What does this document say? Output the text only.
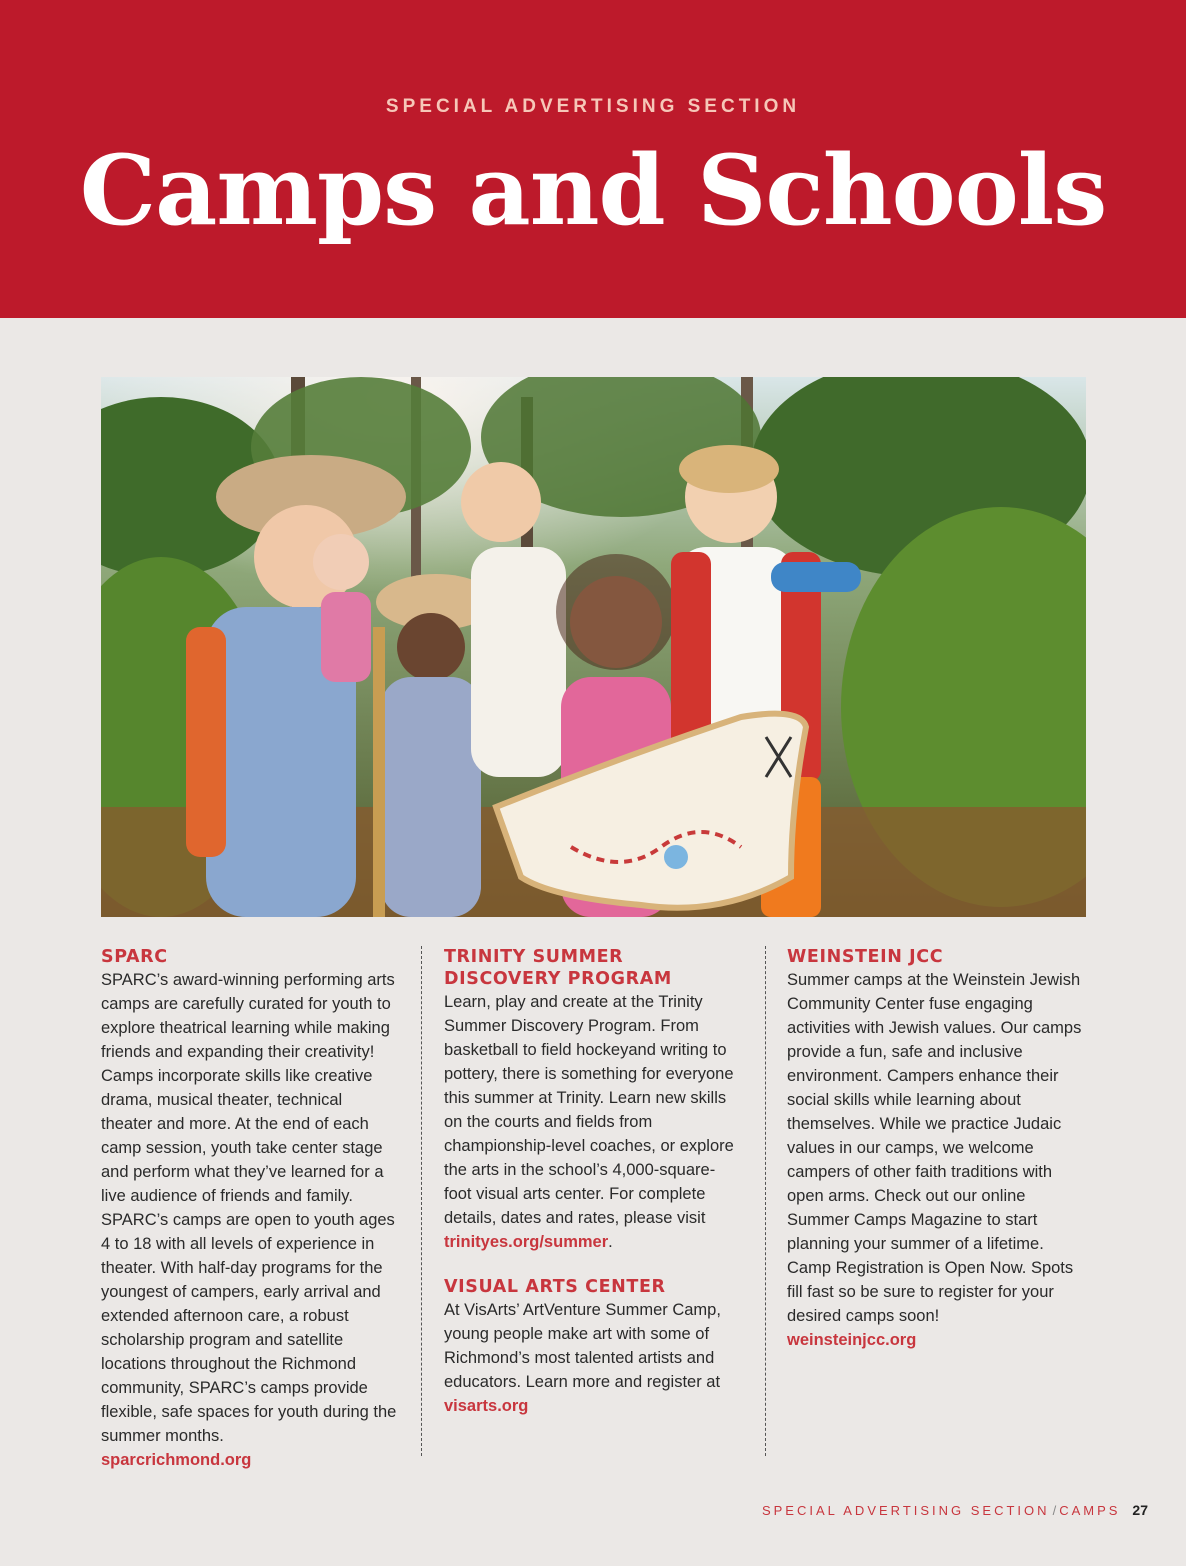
SPECIAL ADVERTISING SECTION
Camps and Schools
SPARC

SPARC’s award-winning performing arts camps are carefully curated for youth to explore theatrical learning while making friends and expanding their creativity! Camps incorporate skills like creative drama, musical theater, technical theater and more. At the end of each camp session, youth take center stage and perform what they’ve learned for a live audience of friends and family. SPARC’s camps are open to youth ages 4 to 18 with all levels of experience in theater. With half-day programs for the youngest of campers, early arrival and extended afternoon care, a robust scholarship program and satellite locations throughout the Richmond community, SPARC’s camps provide flexible, safe spaces for youth during the summer months.

sparcrichmond.org
TRINITY SUMMER DISCOVERY PROGRAM

Learn, play and create at the Trinity Summer Discovery Program. From basketball to field hockeyand writing to pottery, there is something for everyone this summer at Trinity. Learn new skills on the courts and fields from championship-level coaches, or explore the arts in the school’s 4,000-square-foot visual arts center. For complete details, dates and rates, please visit trinityes.org/summer.

VISUAL ARTS CENTER

At VisArts’ ArtVenture Summer Camp, young people make art with some of Richmond’s most talented artists and educators. Learn more and register at visarts.org

WEINSTEIN JCC

Summer camps at the Weinstein Jewish Community Center fuse engaging activities with Jewish values. Our camps provide a fun, safe and inclusive environment. Campers enhance their social skills while learning about themselves. While we practice Judaic values in our camps, we welcome campers of other faith traditions with open arms. Check out our online Summer Camps Magazine to start planning your summer of a lifetime. Camp Registration is Open Now. Spots fill fast so be sure to register for your desired camps soon!

weinsteinjcc.org
SPECIAL ADVERTISING SECTION / CAMPS 27
